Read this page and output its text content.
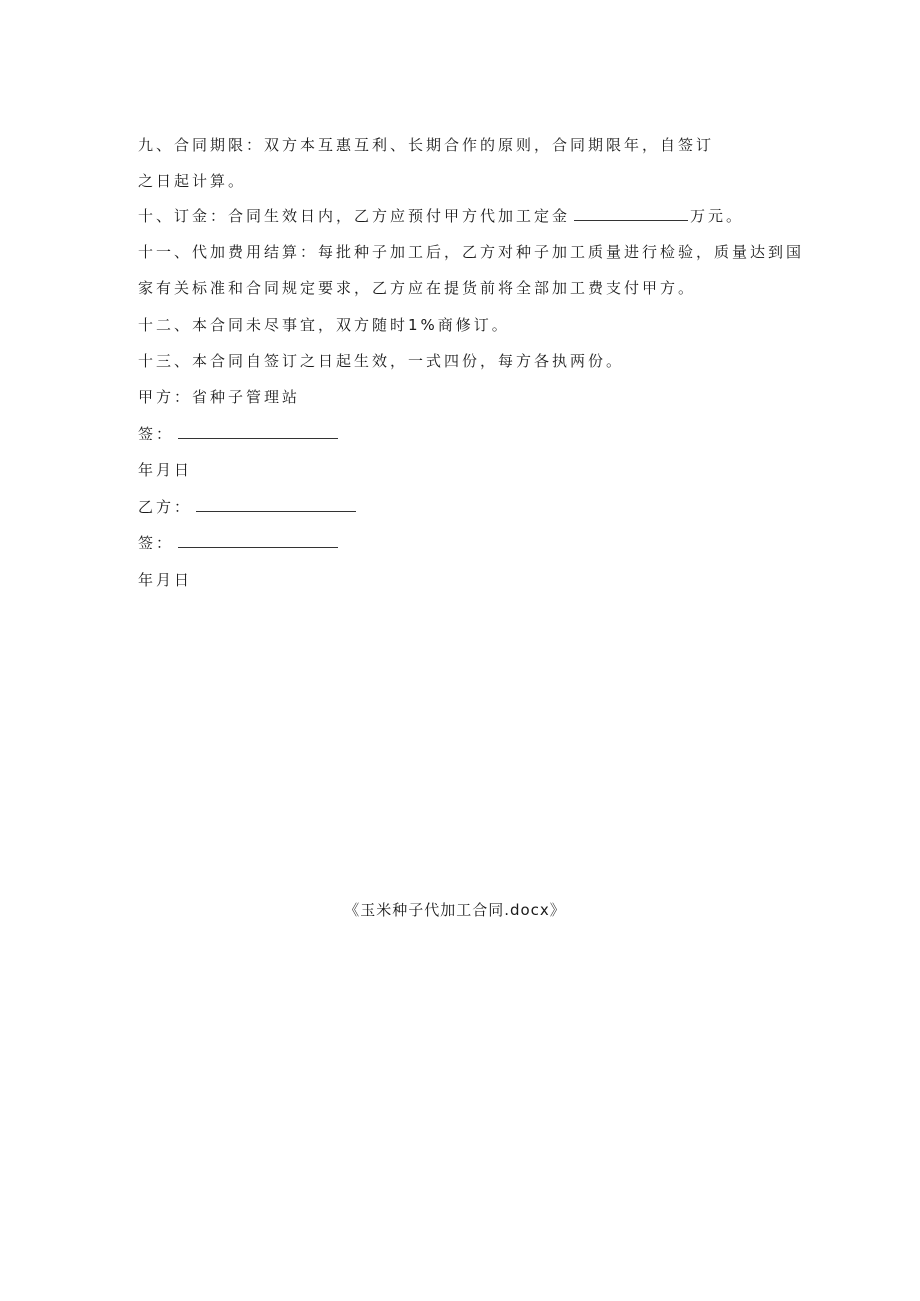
九、合同期限：双方本互惠互利、长期合作的原则，合同期限年，自签订
之日起计算。
十、订金：合同生效日内，乙方应预付甲方代加工定金	万元。
十一、代加费用结算：每批种子加工后，乙方对种子加工质量进行检验，质量达到国
家有关标准和合同规定要求，乙方应在提货前将全部加工费支付甲方。
十二、本合同未尽事宜，双方随时1%商修订。
十三、本合同自签订之日起生效，一式四份，每方各执两份。
甲方：省种子管理站
签：
年月日
乙方：
签：
年月日
《玉米种子代加工合同.docx》
